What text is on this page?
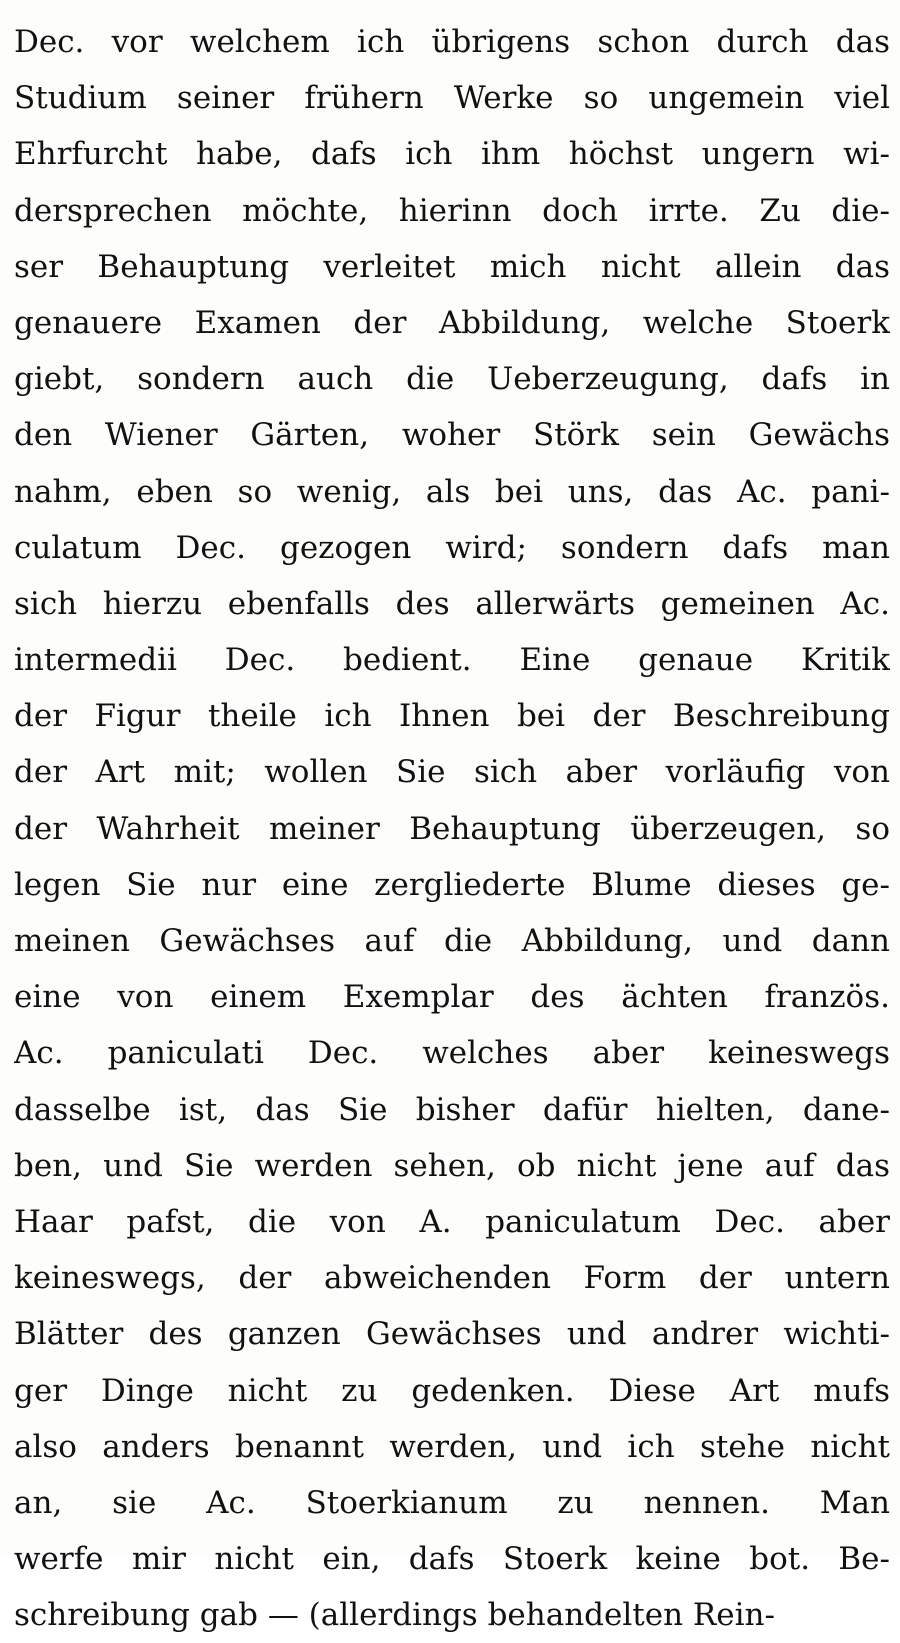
Dec. vor welchem ich übrigens schon durch das
Studium seiner frühern Werke so ungemein viel
Ehrfurcht habe, dafs ich ihm höchst ungern wi-
dersprechen möchte, hierinn doch irrte. Zu die-
ser Behauptung verleitet mich nicht allein das
genauere Examen der Abbildung, welche Stoerk
giebt, sondern auch die Ueberzeugung, dafs in
den Wiener Gärten, woher Störk sein Gewächs
nahm, eben so wenig, als bei uns, das Ac. pani-
culatum Dec. gezogen wird; sondern dafs man
sich hierzu ebenfalls des allerwärts gemeinen Ac.
intermedii Dec. bedient. Eine genaue Kritik
der Figur theile ich Ihnen bei der Beschreibung
der Art mit; wollen Sie sich aber vorläufig von
der Wahrheit meiner Behauptung überzeugen, so
legen Sie nur eine zergliederte Blume dieses ge-
meinen Gewächses auf die Abbildung, und dann
eine von einem Exemplar des ächten französ.
Ac. paniculati Dec. welches aber keineswegs
dasselbe ist, das Sie bisher dafür hielten, dane-
ben, und Sie werden sehen, ob nicht jene auf das
Haar pafst, die von A. paniculatum Dec. aber
keineswegs, der abweichenden Form der untern
Blätter des ganzen Gewächses und andrer wichti-
ger Dinge nicht zu gedenken. Diese Art mufs
also anders benannt werden, und ich stehe nicht
an, sie Ac. Stoerkianum zu nennen. Man
werfe mir nicht ein, dafs Stoerk keine bot. Be-
schreibung gab — (allerdings behandelten Rein-
